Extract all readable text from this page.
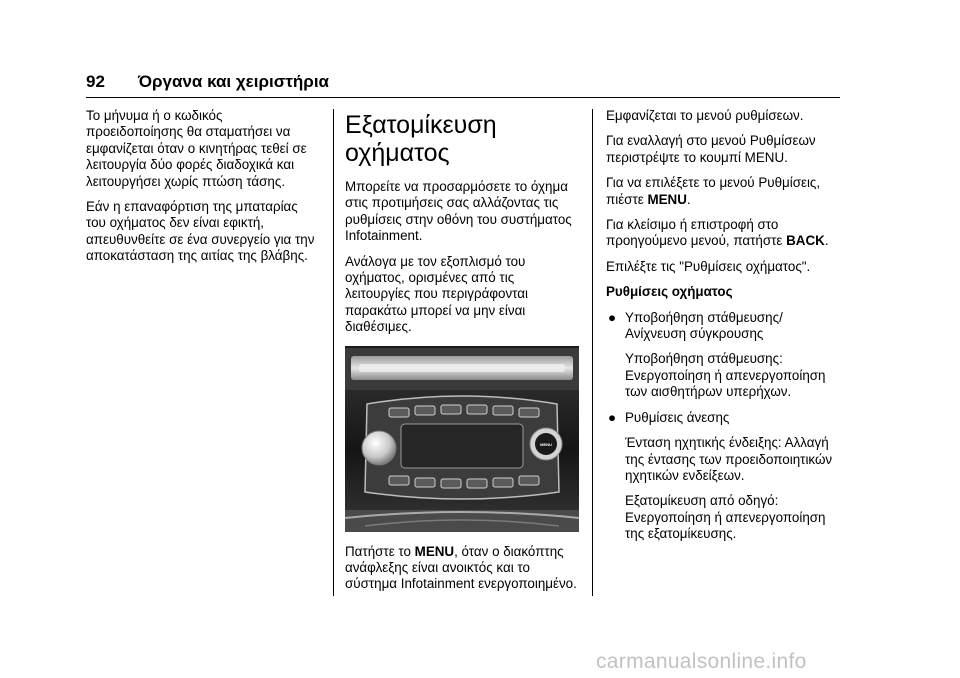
92 Όργανα και χειριστήρια

Το μήνυμα ή ο κωδικός προειδοποίησης θα σταματήσει να εμφανίζεται όταν ο κινητήρας τεθεί σε λειτουργία δύο φορές διαδοχικά και λειτουργήσει χωρίς πτώση τάσης.

Εάν η επαναφόρτιση της μπαταρίας του οχήματος δεν είναι εφικτή, απευθυνθείτε σε ένα συνεργείο για την αποκατάσταση της αιτίας της βλάβης.

Εξατομίκευση οχήματος

Μπορείτε να προσαρμόσετε το όχημα στις προτιμήσεις σας αλλάζοντας τις ρυθμίσεις στην οθόνη του συστήματος Infotainment.

Ανάλογα με τον εξοπλισμό του οχήματος, ορισμένες από τις λειτουργίες που περιγράφονται παρακάτω μπορεί να μην είναι διαθέσιμες.

MENU

Πατήστε το MENU, όταν ο διακόπτης ανάφλεξης είναι ανοικτός και το σύστημα Infotainment ενεργοποιημένο.

Εμφανίζεται το μενού ρυθμίσεων.

Για εναλλαγή στο μενού Ρυθμίσεων περιστρέψτε το κουμπί MENU.

Για να επιλέξετε το μενού Ρυθμίσεις, πιέστε MENU.

Για κλείσιμο ή επιστροφή στο προηγούμενο μενού, πατήστε BACK.

Επιλέξτε τις "Ρυθμίσεις οχήματος".

Ρυθμίσεις οχήματος
● Υποβοήθηση στάθμευσης/ Ανίχνευση σύγκρουσης

Υποβοήθηση στάθμευσης: Ενεργοποίηση ή απενεργοποίηση των αισθητήρων υπερήχων.

● Ρυθμίσεις άνεσης

Ένταση ηχητικής ένδειξης: Αλλαγή της έντασης των προειδοποιητικών ηχητικών ενδείξεων.

Εξατομίκευση από οδηγό: Ενεργοποίηση ή απενεργοποίηση της εξατομίκευσης.

carmanualsonline.info
